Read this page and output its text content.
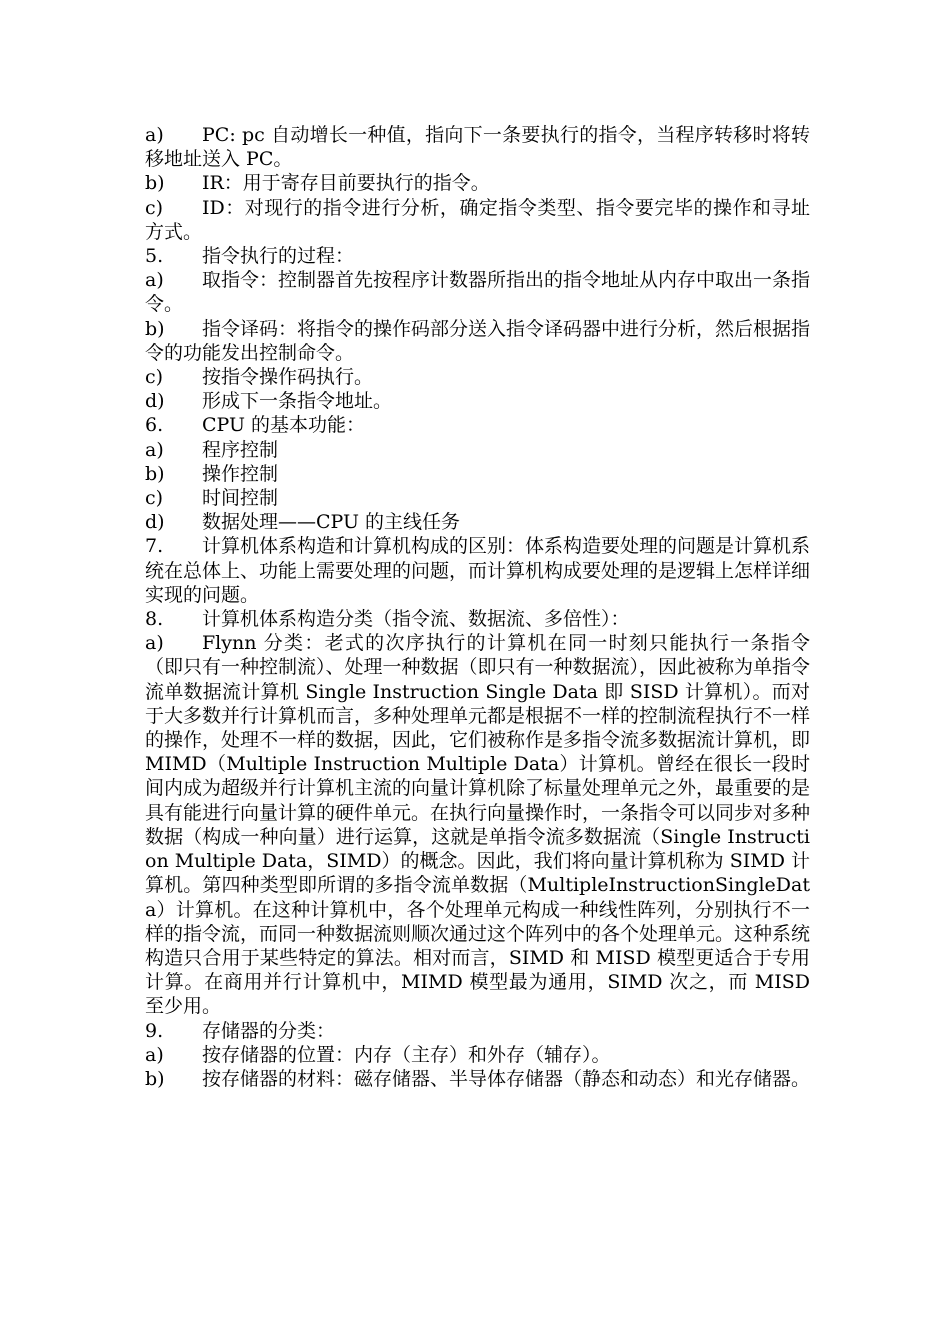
a) PC: pc 自动增长一种值，指向下一条要执行的指令，当程序转移时将转移地址送入 PC。

b) IR：用于寄存目前要执行的指令。

c) ID：对现行的指令进行分析，确定指令类型、指令要完毕的操作和寻址方式。

5. 指令执行的过程：

a) 取指令：控制器首先按程序计数器所指出的指令地址从内存中取出一条指令。

b) 指令译码：将指令的操作码部分送入指令译码器中进行分析，然后根据指令的功能发出控制命令。

c) 按指令操作码执行。

d) 形成下一条指令地址。

6. CPU 的基本功能：

a) 程序控制

b) 操作控制

c) 时间控制

d) 数据处理——CPU 的主线任务

7. 计算机体系构造和计算机构成的区别：体系构造要处理的问题是计算机系统在总体上、功能上需要处理的问题，而计算机构成要处理的是逻辑上怎样详细实现的问题。

8. 计算机体系构造分类（指令流、数据流、多倍性）：

a) Flynn 分类：老式的次序执行的计算机在同一时刻只能执行一条指令（即只有一种控制流）、处理一种数据（即只有一种数据流），因此被称为单指令流单数据流计算机 Single Instruction Single Data 即 SISD 计算机）。而对于大多数并行计算机而言，多种处理单元都是根据不一样的控制流程执行不一样的操作，处理不一样的数据，因此，它们被称作是多指令流多数据流计算机，即 MIMD（Multiple Instruction Multiple Data）计算机。曾经在很长一段时间内成为超级并行计算机主流的向量计算机除了标量处理单元之外，最重要的是具有能进行向量计算的硬件单元。在执行向量操作时，一条指令可以同步对多种数据（构成一种向量）进行运算，这就是单指令流多数据流（Single Instruction Multiple Data，SIMD）的概念。因此，我们将向量计算机称为 SIMD 计算机。第四种类型即所谓的多指令流单数据（MultipleInstructionSingleData）计算机。在这种计算机中，各个处理单元构成一种线性阵列，分别执行不一样的指令流，而同一种数据流则顺次通过这个阵列中的各个处理单元。这种系统构造只合用于某些特定的算法。相对而言，SIMD 和 MISD 模型更适合于专用计算。在商用并行计算机中，MIMD 模型最为通用，SIMD 次之，而 MISD 至少用。

9. 存储器的分类：

a) 按存储器的位置：内存（主存）和外存（辅存）。

b) 按存储器的材料：磁存储器、半导体存储器（静态和动态）和光存储器。
